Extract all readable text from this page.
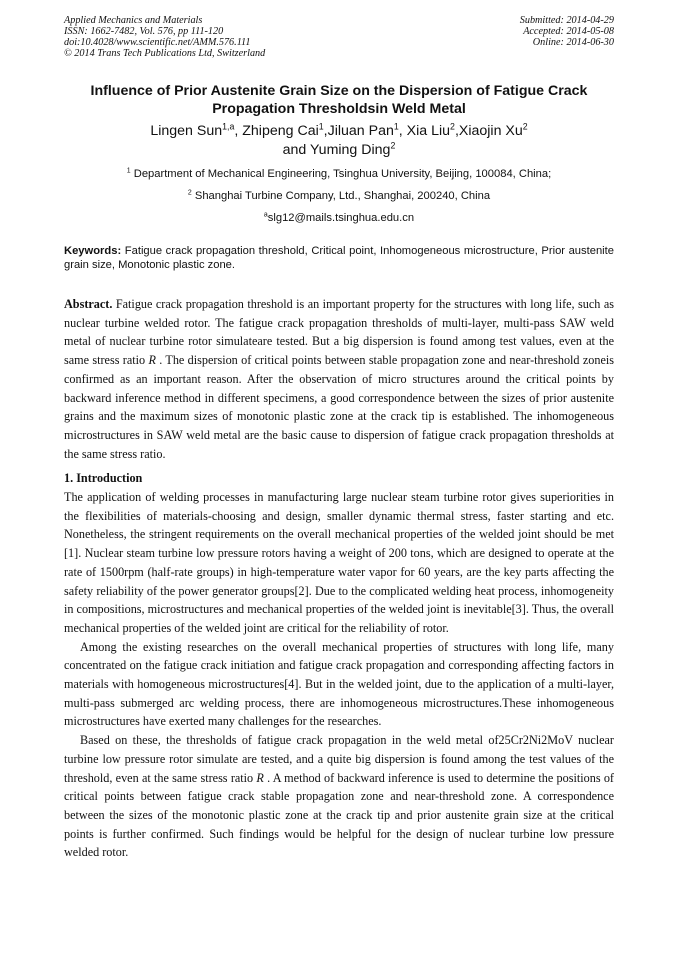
Applied Mechanics and Materials
ISSN: 1662-7482, Vol. 576, pp 111-120
doi:10.4028/www.scientific.net/AMM.576.111
© 2014 Trans Tech Publications Ltd, Switzerland
Submitted: 2014-04-29
Accepted: 2014-05-08
Online: 2014-06-30
Influence of Prior Austenite Grain Size on the Dispersion of Fatigue Crack Propagation Thresholdsin Weld Metal
Lingen Sun$^{1,a}$, Zhipeng Cai$^1$,Jiluan Pan$^1$, Xia Liu$^2$,Xiaojin Xu$^2$
and Yuming Ding$^2$
$^1$ Department of Mechanical Engineering, Tsinghua University, Beijing, 100084, China;
$^2$ Shanghai Turbine Company, Ltd., Shanghai, 200240, China
$^a$slg12@mails.tsinghua.edu.cn
Keywords: Fatigue crack propagation threshold, Critical point, Inhomogeneous microstructure, Prior austenite grain size, Monotonic plastic zone.

Abstract. Fatigue crack propagation threshold is an important property for the structures with long life, such as nuclear turbine welded rotor. The fatigue crack propagation thresholds of multi-layer, multi-pass SAW weld metal of nuclear turbine rotor simulateare tested. But a big dispersion is found among test values, even at the same stress ratio R . The dispersion of critical points between stable propagation zone and near-threshold zoneis confirmed as an important reason. After the observation of micro structures around the critical points by backward inference method in different specimens, a good correspondence between the sizes of prior austenite grains and the maximum sizes of monotonic plastic zone at the crack tip is established. The inhomogeneous microstructures in SAW weld metal are the basic cause to dispersion of fatigue crack propagation thresholds at the same stress ratio.

1. Introduction

The application of welding processes in manufacturing large nuclear steam turbine rotor gives superiorities in the flexibilities of materials-choosing and design, smaller dynamic thermal stress, faster starting and etc. Nonetheless, the stringent requirements on the overall mechanical properties of the welded joint should be met [1]. Nuclear steam turbine low pressure rotors having a weight of 200 tons, which are designed to operate at the rate of 1500rpm (half-rate groups) in high-temperature water vapor for 60 years, are the key parts affecting the safety reliability of the power generator groups[2]. Due to the complicated welding heat process, inhomogeneity in compositions, microstructures and mechanical properties of the welded joint is inevitable[3]. Thus, the overall mechanical properties of the welded joint are critical for the reliability of rotor.

Among the existing researches on the overall mechanical properties of structures with long life, many concentrated on the fatigue crack initiation and fatigue crack propagation and corresponding affecting factors in materials with homogeneous microstructures[4]. But in the welded joint, due to the application of a multi-layer, multi-pass submerged arc welding process, there are inhomogeneous microstructures.These inhomogeneous microstructures have exerted many challenges for the researches.

Based on these, the thresholds of fatigue crack propagation in the weld metal of25Cr2Ni2MoV nuclear turbine low pressure rotor simulate are tested, and a quite big dispersion is found among the test values of the threshold, even at the same stress ratio R . A method of backward inference is used to determine the positions of critical points between fatigue crack stable propagation zone and near-threshold zone. A correspondence between the sizes of the monotonic plastic zone at the crack tip and prior austenite grain size at the critical points is further confirmed. Such findings would be helpful for the design of nuclear turbine low pressure welded rotor.
